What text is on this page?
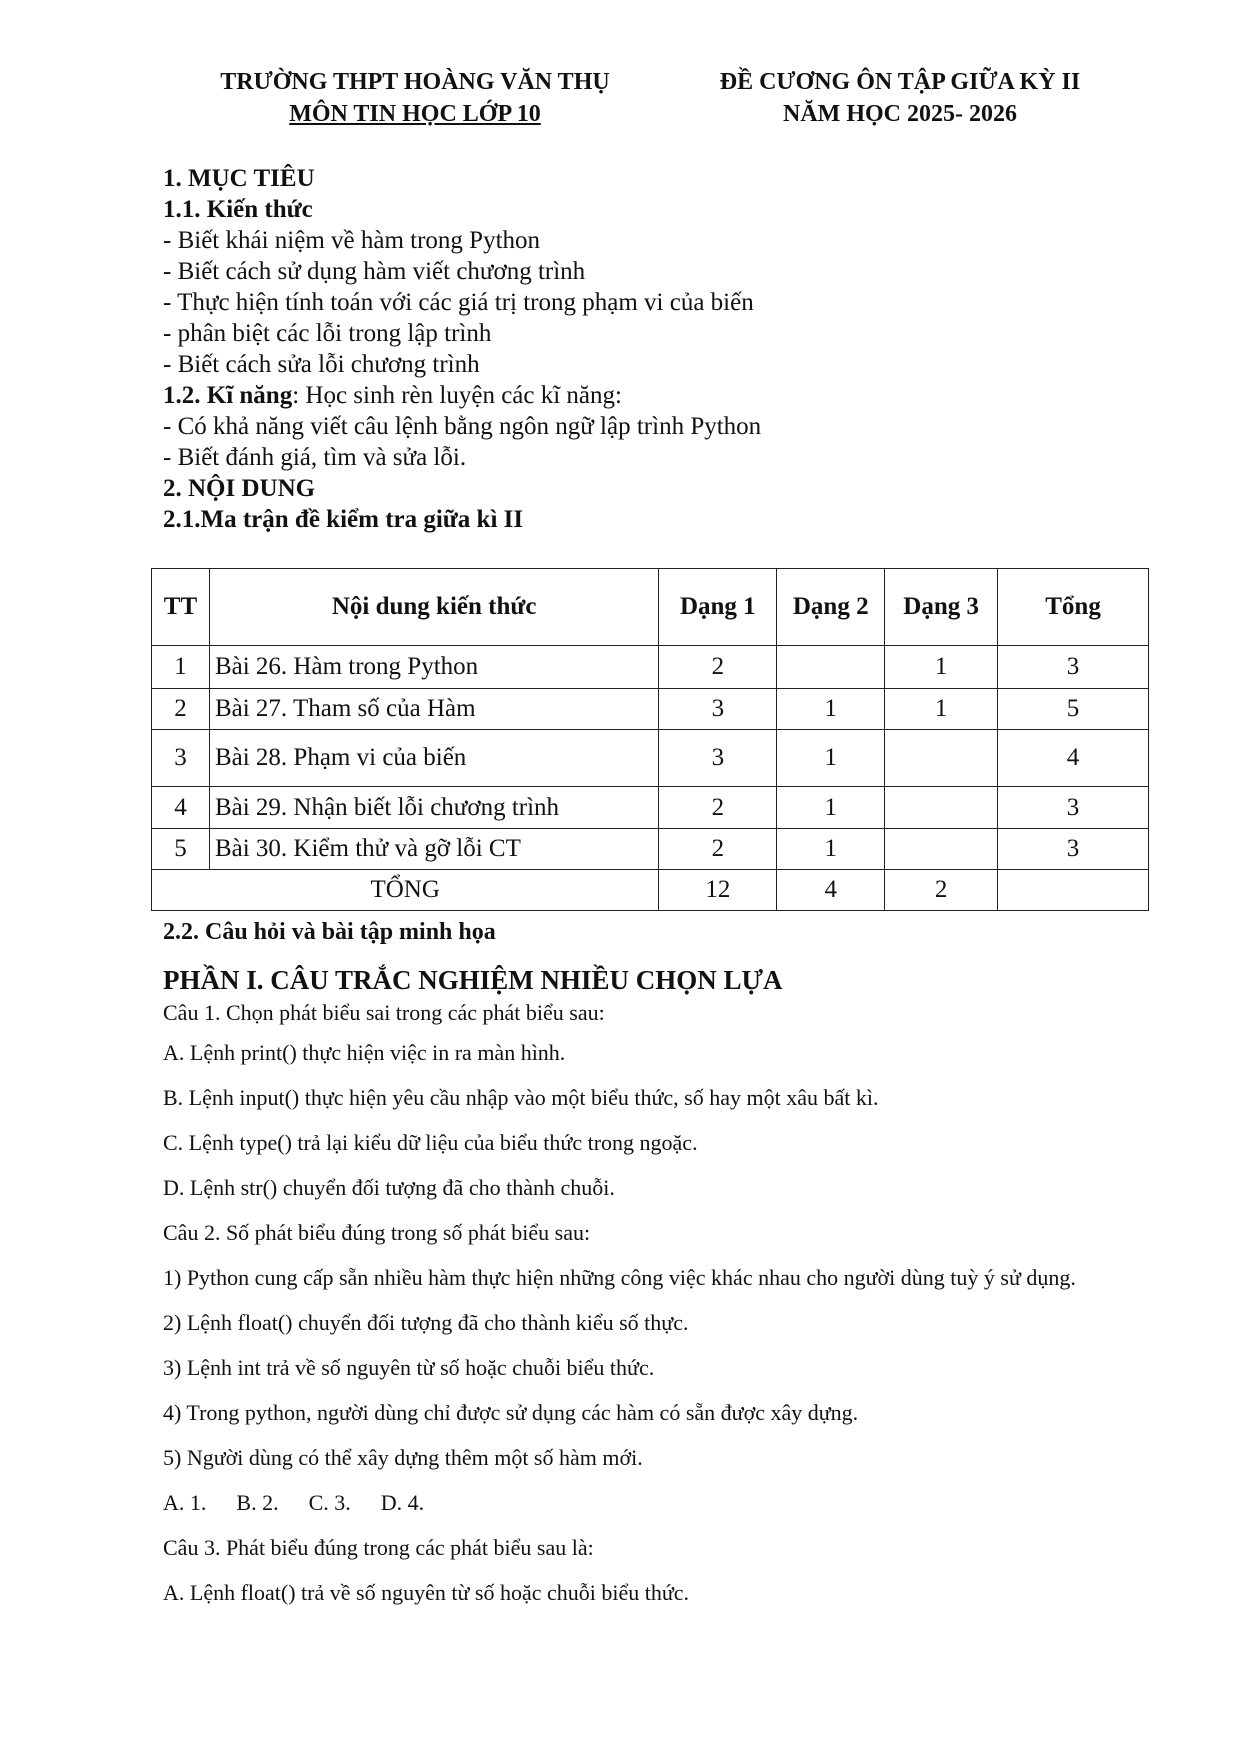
TRƯỜNG THPT HOÀNG VĂN THỤ
MÔN TIN HỌC LỚP 10
ĐỀ CƯƠNG ÔN TẬP GIỮA KỲ II
NĂM HỌC 2025- 2026
1. MỤC TIÊU
1.1. Kiến thức
- Biết khái niệm về hàm trong Python
- Biết cách sử dụng hàm viết chương trình
- Thực hiện tính toán với các giá trị trong phạm vi của biến
- phân biệt các lỗi trong lập trình
- Biết cách sửa lỗi chương trình
1.2. Kĩ năng: Học sinh rèn luyện các kĩ năng:
- Có khả năng viết câu lệnh bằng ngôn ngữ lập trình Python
- Biết đánh giá, tìm và sửa lỗi.
2. NỘI DUNG
2.1.Ma trận đề kiểm tra giữa kì II
TT	Nội dung kiến thức	Dạng 1	Dạng 2	Dạng 3	Tổng
1	Bài 26. Hàm trong Python	2		1	3
2	Bài 27. Tham số của Hàm	3	1	1	5
3	Bài 28. Phạm vi của biến	3	1		4
4	Bài 29. Nhận biết lỗi chương trình	2	1		3
5	Bài 30. Kiểm thử và gỡ lỗi CT	2	1		3
TỔNG		12	4	2	
2.2. Câu hỏi và bài tập minh họa
PHẦN I. CÂU TRẮC NGHIỆM NHIỀU CHỌN LỰA
Câu 1. Chọn phát biểu sai trong các phát biểu sau:
A. Lệnh print() thực hiện việc in ra màn hình.
B. Lệnh input() thực hiện yêu cầu nhập vào một biểu thức, số hay một xâu bất kì.
C. Lệnh type() trả lại kiểu dữ liệu của biểu thức trong ngoặc.
D. Lệnh str() chuyển đối tượng đã cho thành chuỗi.
Câu 2. Số phát biểu đúng trong số phát biểu sau:
1) Python cung cấp sẵn nhiều hàm thực hiện những công việc khác nhau cho người dùng tuỳ ý sử dụng.
2) Lệnh float() chuyển đối tượng đã cho thành kiểu số thực.
3) Lệnh int trả về số nguyên từ số hoặc chuỗi biểu thức.
4) Trong python, người dùng chỉ được sử dụng các hàm có sẵn được xây dựng.
5) Người dùng có thể xây dựng thêm một số hàm mới.
A. 1. B. 2. C. 3. D. 4.
Câu 3. Phát biểu đúng trong các phát biểu sau là:
A. Lệnh float() trả về số nguyên từ số hoặc chuỗi biểu thức.
